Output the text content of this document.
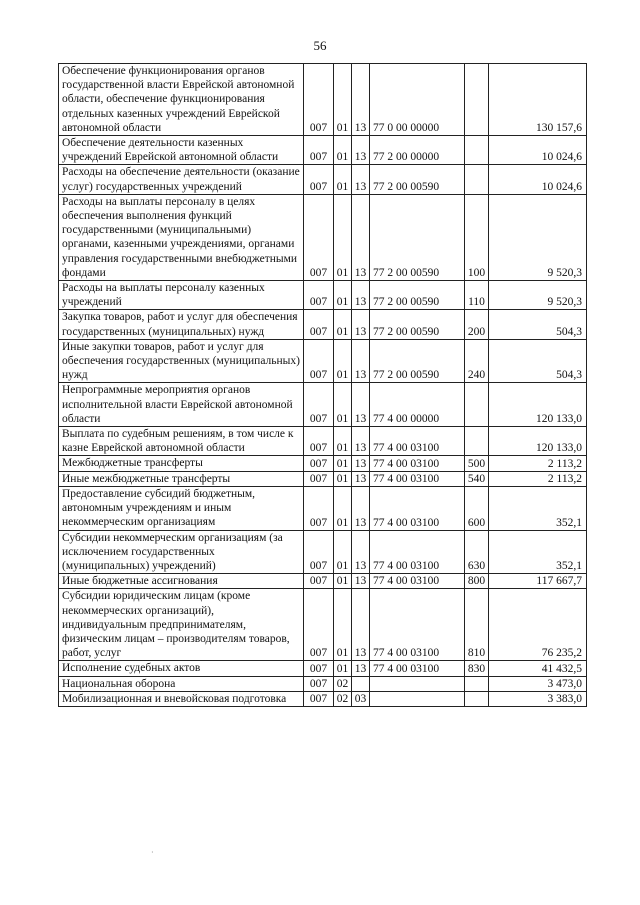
56
Обеспечение функционирования органов государственной власти Еврейской автономной области, обеспечение функционирования отдельных казенных учреждений Еврейской автономной области	007	01	13	77 0 00 00000		130 157,6
Обеспечение деятельности казенных учреждений Еврейской автономной области	007	01	13	77 2 00 00000		10 024,6
Расходы на обеспечение деятельности (оказание услуг) государственных учреждений	007	01	13	77 2 00 00590		10 024,6
Расходы на выплаты персоналу в целях обеспечения выполнения функций государственными (муниципальными) органами, казенными учреждениями, органами управления государственными внебюджетными фондами	007	01	13	77 2 00 00590	100	9 520,3
Расходы на выплаты персоналу казенных учреждений	007	01	13	77 2 00 00590	110	9 520,3
Закупка товаров, работ и услуг для обеспечения государственных (муниципальных) нужд	007	01	13	77 2 00 00590	200	504,3
Иные закупки товаров, работ и услуг для обеспечения государственных (муниципальных) нужд	007	01	13	77 2 00 00590	240	504,3
Непрограммные мероприятия органов исполнительной власти Еврейской автономной области	007	01	13	77 4 00 00000		120 133,0
Выплата по судебным решениям, в том числе к казне Еврейской автономной области	007	01	13	77 4 00 03100		120 133,0
Межбюджетные трансферты	007	01	13	77 4 00 03100	500	2 113,2
Иные межбюджетные трансферты	007	01	13	77 4 00 03100	540	2 113,2
Предоставление субсидий бюджетным, автономным учреждениям и иным некоммерческим организациям	007	01	13	77 4 00 03100	600	352,1
Субсидии некоммерческим организациям (за исключением государственных (муниципальных) учреждений)	007	01	13	77 4 00 03100	630	352,1
Иные бюджетные ассигнования	007	01	13	77 4 00 03100	800	117 667,7
Субсидии юридическим лицам (кроме некоммерческих организаций), индивидуальным предпринимателям, физическим лицам – производителям товаров, работ, услуг	007	01	13	77 4 00 03100	810	76 235,2
Исполнение судебных актов	007	01	13	77 4 00 03100	830	41 432,5
Национальная оборона	007	02				3 473,0
Мобилизационная и вневойсковая подготовка	007	02	03			3 383,0
·
